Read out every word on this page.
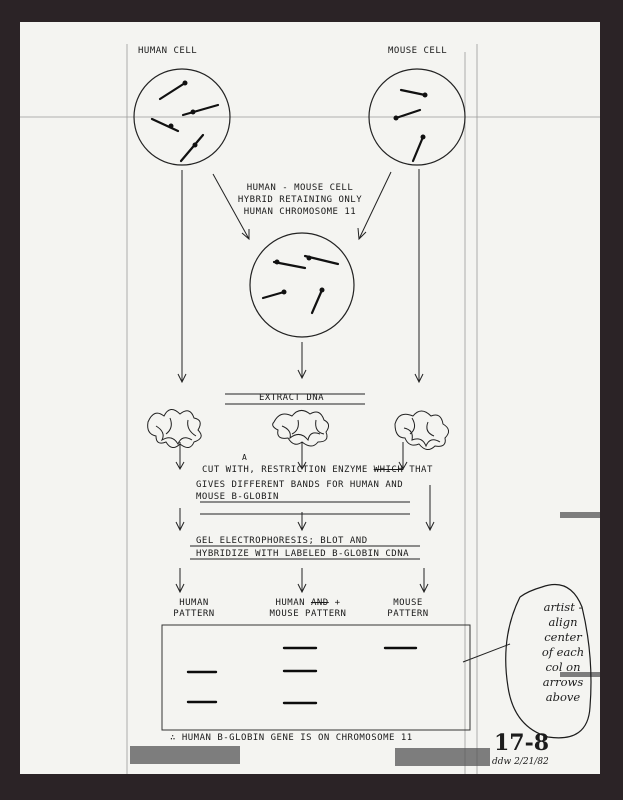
HUMAN CELL	MOUSE CELL
HUMAN - MOUSE CELL
HYBRID RETAINING ONLY
HUMAN CHROMOSOME 11
EXTRACT DNA
A
CUT WITH, RESTRICTION ENZYME WHICH THAT
GIVES DIFFERENT BANDS FOR HUMAN AND
MOUSE Β-GLOBIN
GEL ELECTROPHORESIS; BLOT AND
HYBRIDIZE WITH LABELED Β-GLOBIN CDNA
HUMAN
PATTERN
HUMAN AND +
MOUSE PATTERN
MOUSE
PATTERN
∴ HUMAN Β-GLOBIN GENE IS ON CHROMOSOME 11	17-8
ddw 2/21/82
artist -
align
center
of each
col on
arrows
above
